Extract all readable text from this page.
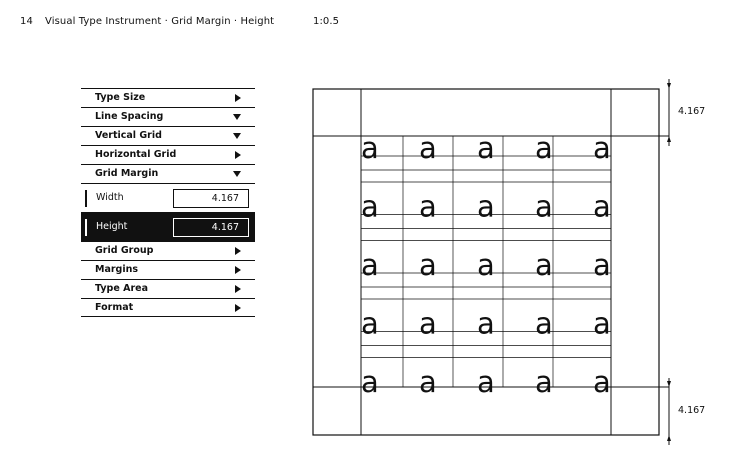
14 Visual Type Instrument · Grid Margin · Height	1:0.5
Type Size
Line Spacing
Vertical Grid
Horizontal Grid
Grid Margin
Width	4.167
Height	4.167
Grid Group
Margins
Type Area
Format
a a a a a
a a a a a
a a a a a
a a a a a
a a a a a
4.167
4.167
